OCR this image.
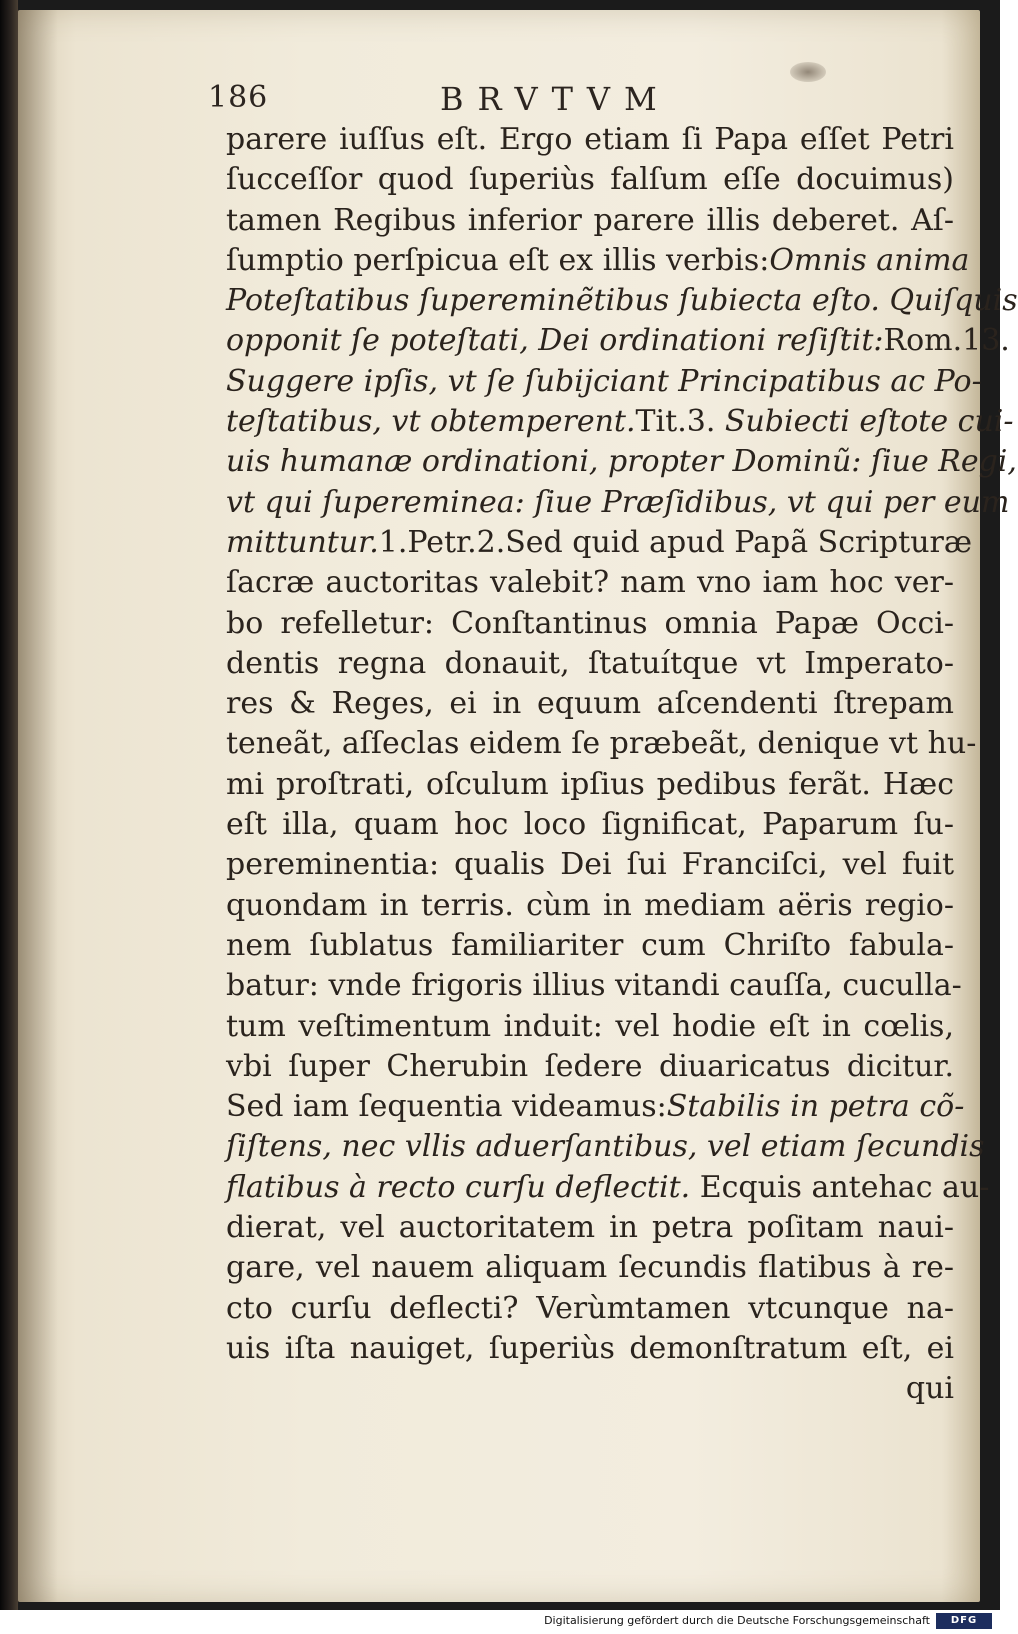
186	BRVTVM
parere iuſſus eſt. Ergo etiam ſi Papa eſſet Petri
ſucceſſor quod ſuperiùs falſum eſſe docuimus)
tamen Regibus inferior parere illis deberet. Aſ-
ſumptio perſpicua eſt ex illis verbis:Omnis anima
Poteſtatibus ſupereminẽtibus ſubiecta eſto. Quiſquis
opponit ſe poteſtati, Dei ordinationi reſiſtit:Rom.13.
Suggere ipſis, vt ſe ſubijciant Principatibus ac Po-
teſtatibus, vt obtemperent.Tit.3. Subiecti eſtote cui-
uis humanæ ordinationi, propter Dominũ: ſiue Regi,
vt qui ſupereminea: ſiue Præſidibus, vt qui per eum
mittuntur.1.Petr.2.Sed quid apud Papã Scripturæ
ſacræ auctoritas valebit? nam vno iam hoc ver-
bo refelletur: Conſtantinus omnia Papæ Occi-
dentis regna donauit, ſtatuítque vt Imperato-
res & Reges, ei in equum aſcendenti ſtrepam
teneãt, aſſeclas eidem ſe præbeãt, denique vt hu-
mi proſtrati, oſculum ipſius pedibus ferãt. Hæc
eſt illa, quam hoc loco ſignificat, Paparum ſu-
pereminentia: qualis Dei ſui Franciſci, vel fuit
quondam in terris. cùm in mediam aëris regio-
nem ſublatus familiariter cum Chriſto fabula-
batur: vnde frigoris illius vitandi cauſſa, cuculla-
tum veſtimentum induit: vel hodie eſt in cœlis,
vbi ſuper Cherubin ſedere diuaricatus dicitur.
Sed iam ſequentia videamus:Stabilis in petra cõ-
ſiſtens, nec vllis aduerſantibus, vel etiam ſecundis
flatibus à recto curſu deflectit. Ecquis antehac au-
dierat, vel auctoritatem in petra poſitam naui-
gare, vel nauem aliquam ſecundis flatibus à re-
cto curſu deflecti? Verùmtamen vtcunque na-
uis iſta nauiget, ſuperiùs demonſtratum eſt, ei
qui
Digitalisierung gefördert durch die Deutsche Forschungsgemeinschaft	DFG
